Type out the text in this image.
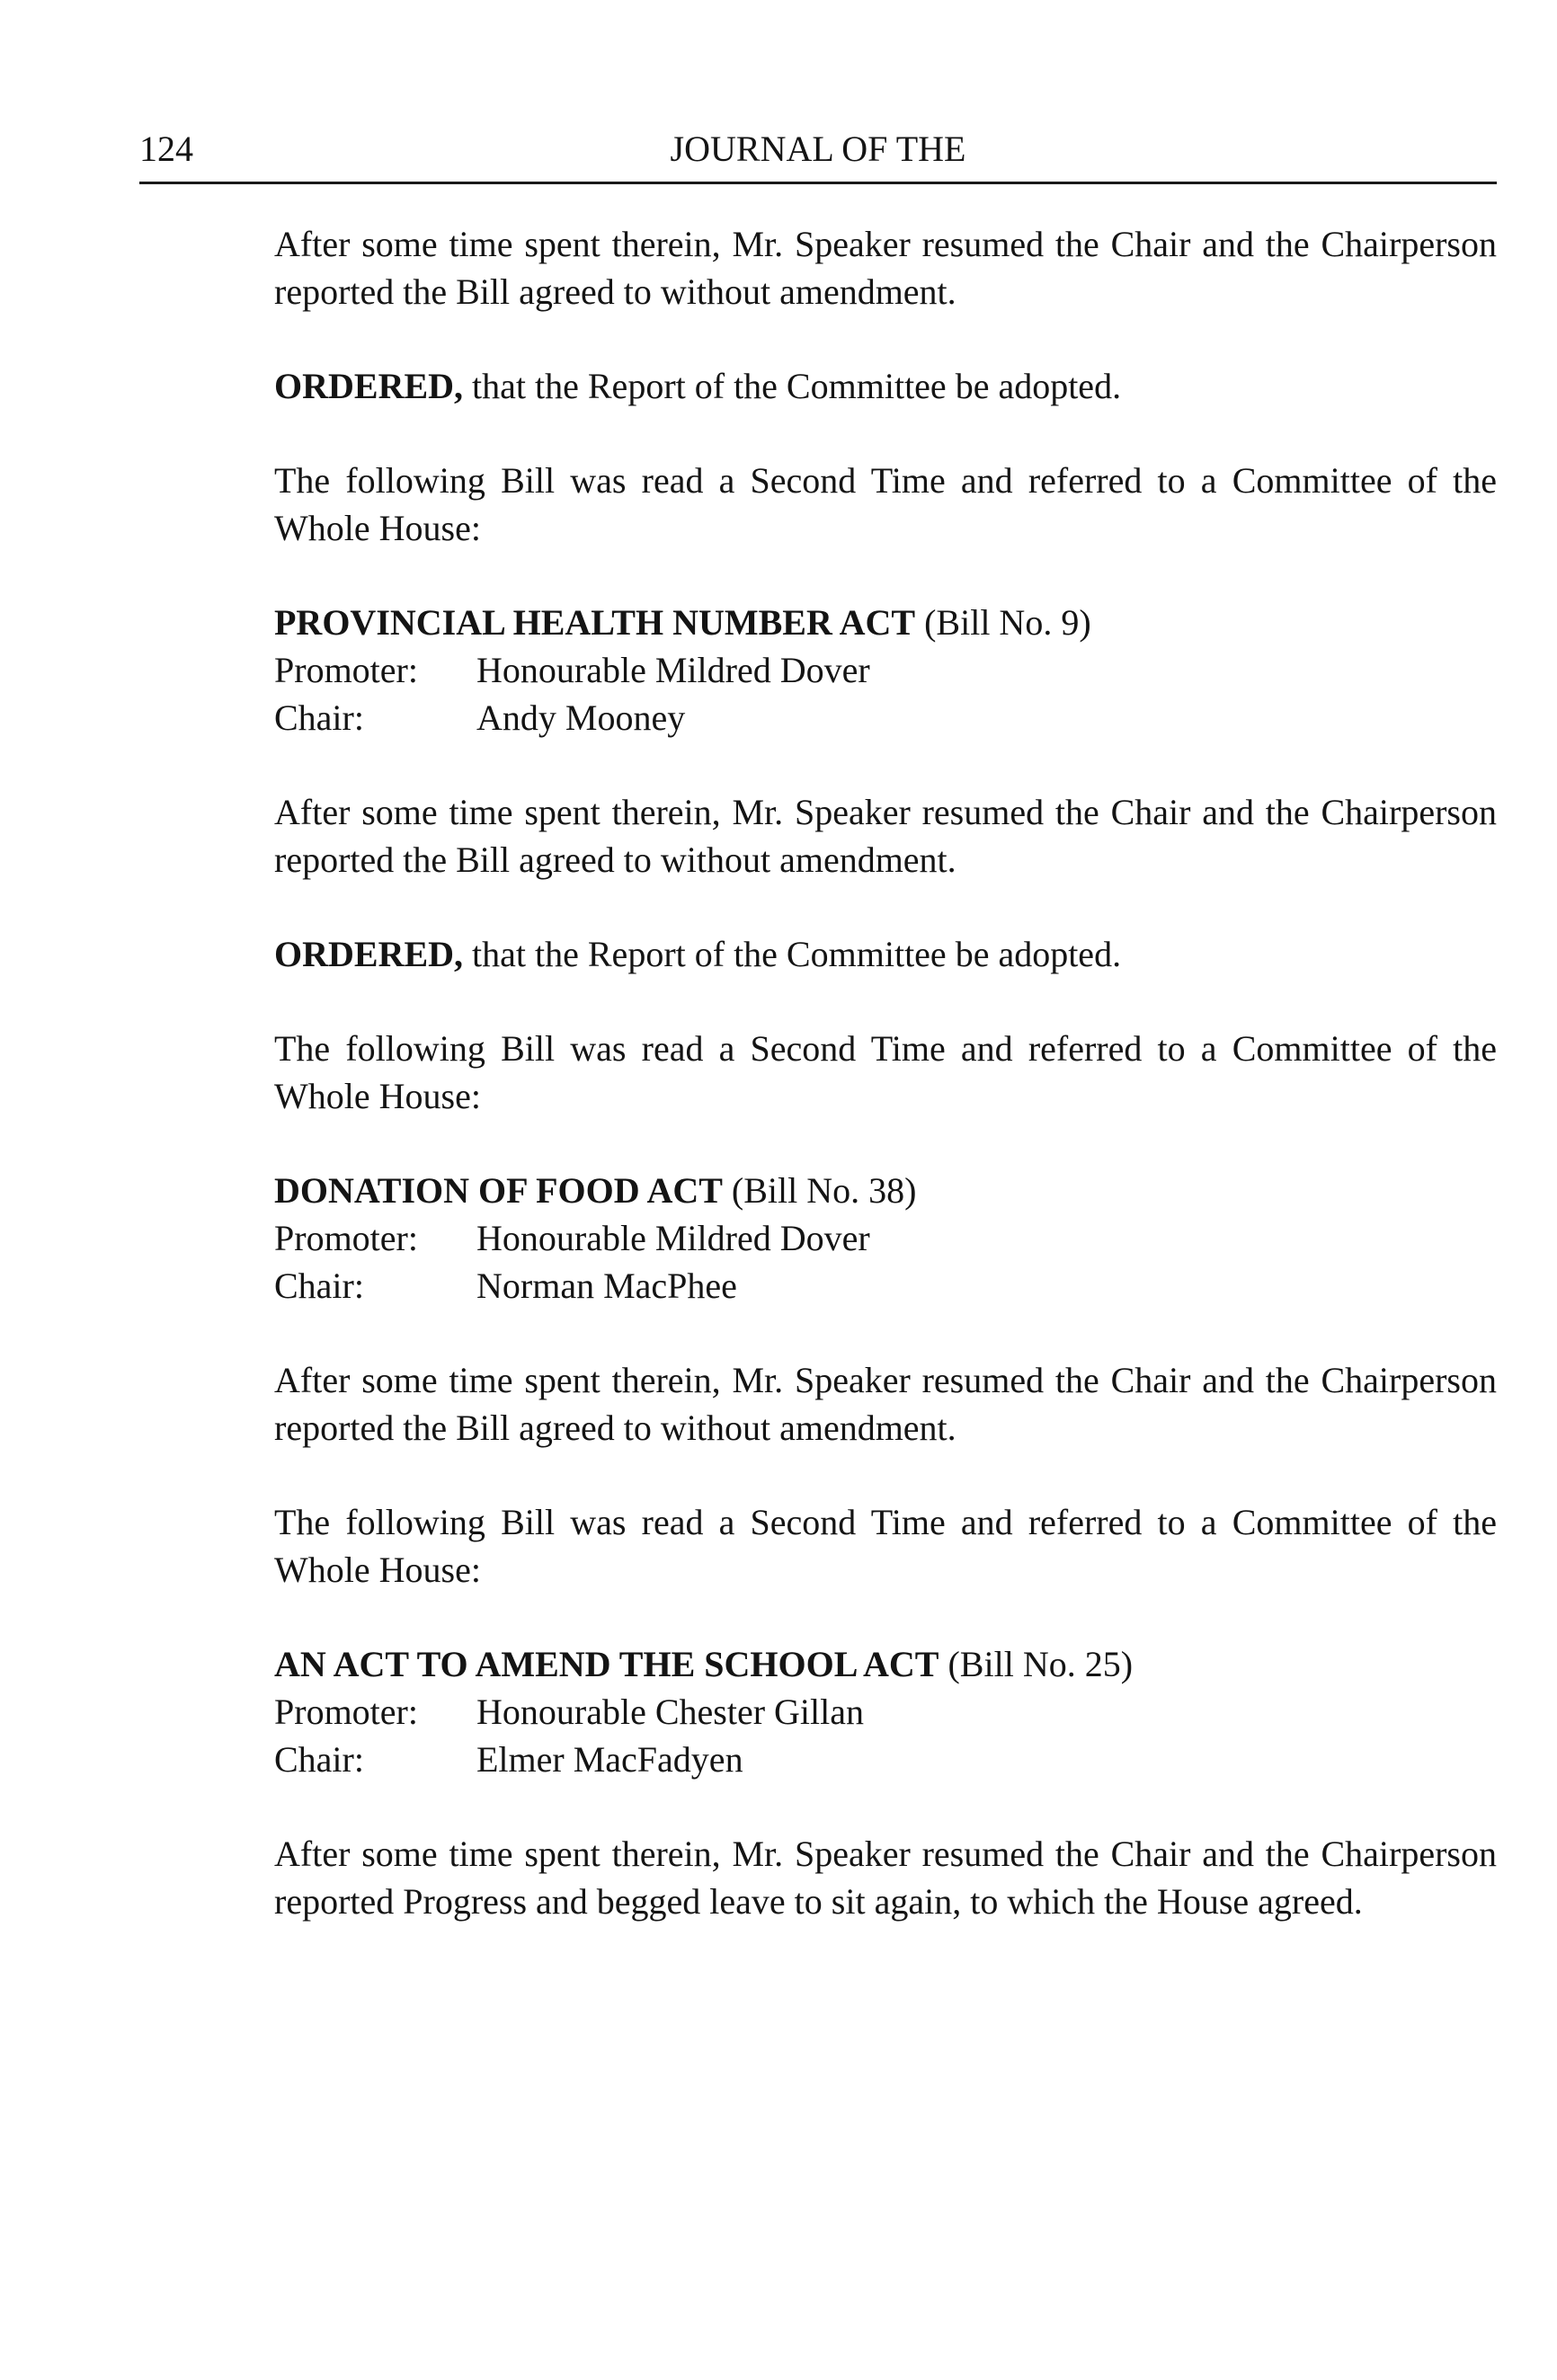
124	JOURNAL OF THE

After some time spent therein, Mr. Speaker resumed the Chair and the Chairperson reported the Bill agreed to without amendment.

ORDERED, that the Report of the Committee be adopted.

The following Bill was read a Second Time and referred to a Committee of the Whole House:

PROVINCIAL HEALTH NUMBER ACT (Bill No. 9)
Promoter:	Honourable Mildred Dover
Chair:	Andy Mooney

After some time spent therein, Mr. Speaker resumed the Chair and the Chairperson reported the Bill agreed to without amendment.

ORDERED, that the Report of the Committee be adopted.

The following Bill was read a Second Time and referred to a Committee of the Whole House:

DONATION OF FOOD ACT (Bill No. 38)
Promoter:	Honourable Mildred Dover
Chair:	Norman MacPhee

After some time spent therein, Mr. Speaker resumed the Chair and the Chairperson reported the Bill agreed to without amendment.

The following Bill was read a Second Time and referred to a Committee of the Whole House:

AN ACT TO AMEND THE SCHOOL ACT (Bill No. 25)
Promoter:	Honourable Chester Gillan
Chair:	Elmer MacFadyen

After some time spent therein, Mr. Speaker resumed the Chair and the Chairperson reported Progress and begged leave to sit again, to which the House agreed.
